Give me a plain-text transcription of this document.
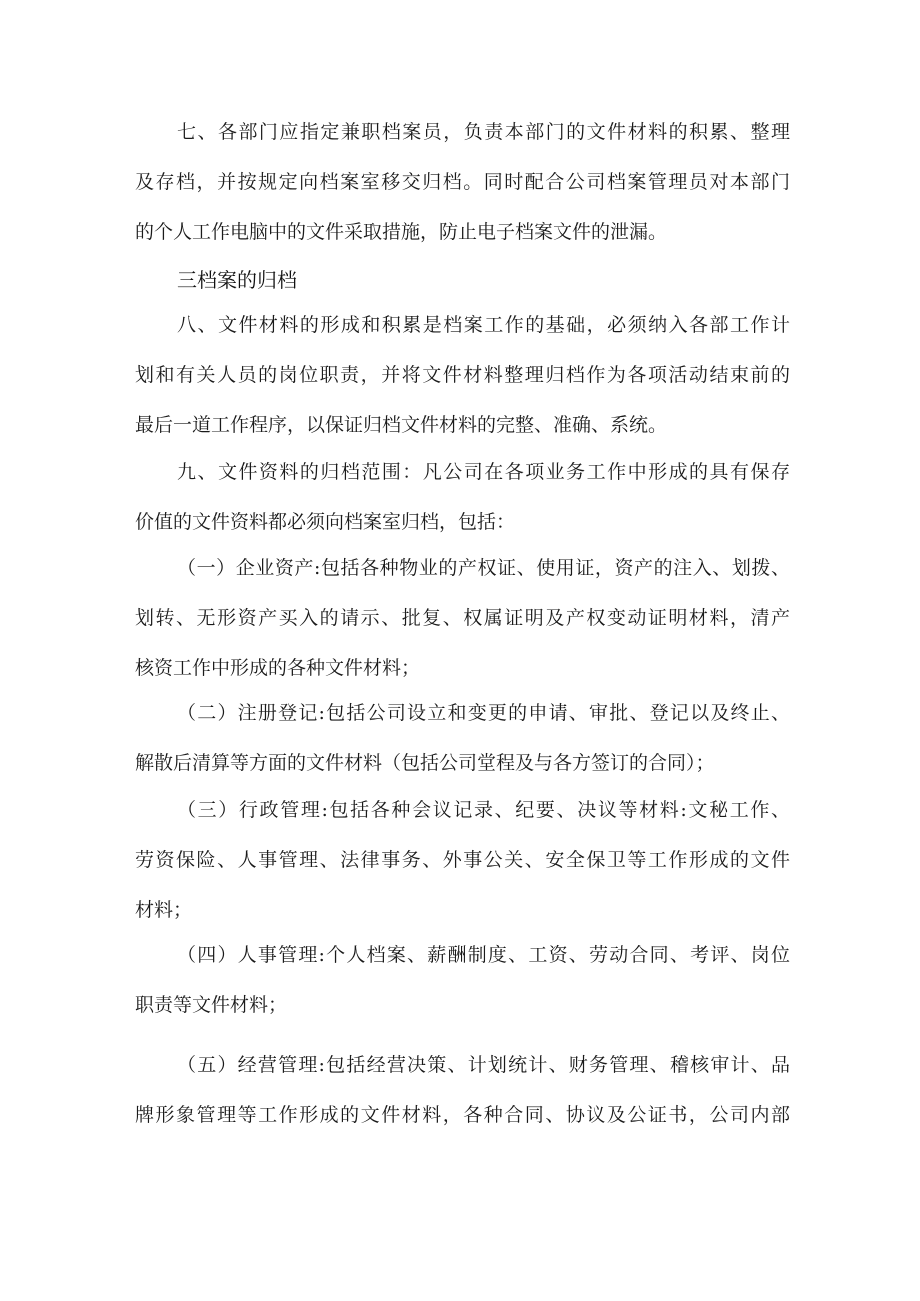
七、各部门应指定兼职档案员，负责本部门的文件材料的积累、整理
及存档，并按规定向档案室移交归档。同时配合公司档案管理员对本部门
的个人工作电脑中的文件采取措施，防止电子档案文件的泄漏。
三档案的归档
八、文件材料的形成和积累是档案工作的基础，必须纳入各部工作计
划和有关人员的岗位职责，并将文件材料整理归档作为各项活动结束前的
最后一道工作程序，以保证归档文件材料的完整、准确、系统。
九、文件资料的归档范围：凡公司在各项业务工作中形成的具有保存
价值的文件资料都必须向档案室归档，包括：
（一）企业资产:包括各种物业的产权证、使用证，资产的注入、划拨、
划转、无形资产买入的请示、批复、权属证明及产权变动证明材料，清产
核资工作中形成的各种文件材料；
（二）注册登记:包括公司设立和变更的申请、审批、登记以及终止、
解散后清算等方面的文件材料（包括公司堂程及与各方签订的合同）；
（三）行政管理:包括各种会议记录、纪要、决议等材料:文秘工作、
劳资保险、人事管理、法律事务、外事公关、安全保卫等工作形成的文件
材料；
（四）人事管理:个人档案、薪酬制度、工资、劳动合同、考评、岗位
职责等文件材料；
（五）经营管理:包括经营决策、计划统计、财务管理、稽核审计、品
牌形象管理等工作形成的文件材料，各种合同、协议及公证书，公司内部
